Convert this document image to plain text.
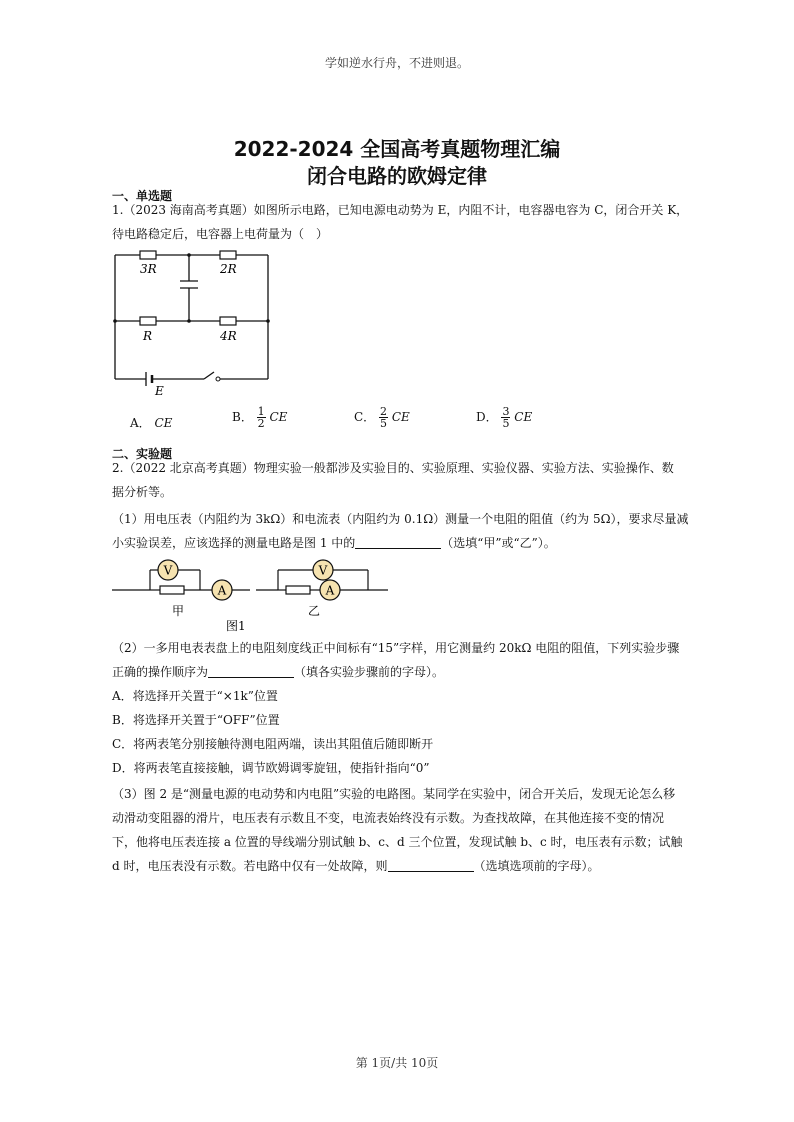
学如逆水行舟，不进则退。
2022-2024 全国高考真题物理汇编
闭合电路的欧姆定律
一、单选题
1.（2023 海南高考真题）如图所示电路，已知电源电动势为 E，内阻不计，电容器电容为 C，闭合开关 K，
待电路稳定后，电容器上电荷量为（　）
3R	2R
R	4R
E
A． CE	B． $\frac{1}{2}$ CE	C． $\frac{2}{5}$ CE	D． $\frac{3}{5}$ CE
二、实验题
2.（2022 北京高考真题）物理实验一般都涉及实验目的、实验原理、实验仪器、实验方法、实验操作、数
据分析等。
（1）用电压表（内阻约为 3kΩ）和电流表（内阻约为 0.1Ω）测量一个电阻的阻值（约为 5Ω），要求尽量减
小实验误差，应该选择的测量电路是图 1 中的	（选填“甲”或“乙”）。
V
A
甲
V
A
乙
图1
（2）一多用电表表盘上的电阻刻度线正中间标有“15”字样，用它测量约 20kΩ 电阻的阻值，下列实验步骤
正确的操作顺序为	（填各实验步骤前的字母）。
A．将选择开关置于“×1k”位置
B．将选择开关置于“OFF”位置
C．将两表笔分别接触待测电阻两端，读出其阻值后随即断开
D．将两表笔直接接触，调节欧姆调零旋钮，使指针指向“0”
（3）图 2 是“测量电源的电动势和内电阻”实验的电路图。某同学在实验中，闭合开关后，发现无论怎么移
动滑动变阻器的滑片，电压表有示数且不变，电流表始终没有示数。为查找故障，在其他连接不变的情况
下，他将电压表连接 a 位置的导线端分别试触 b、c、d 三个位置，发现试触 b、c 时，电压表有示数；试触
d 时，电压表没有示数。若电路中仅有一处故障，则	（选填选项前的字母）。
第 1页/共 10页
